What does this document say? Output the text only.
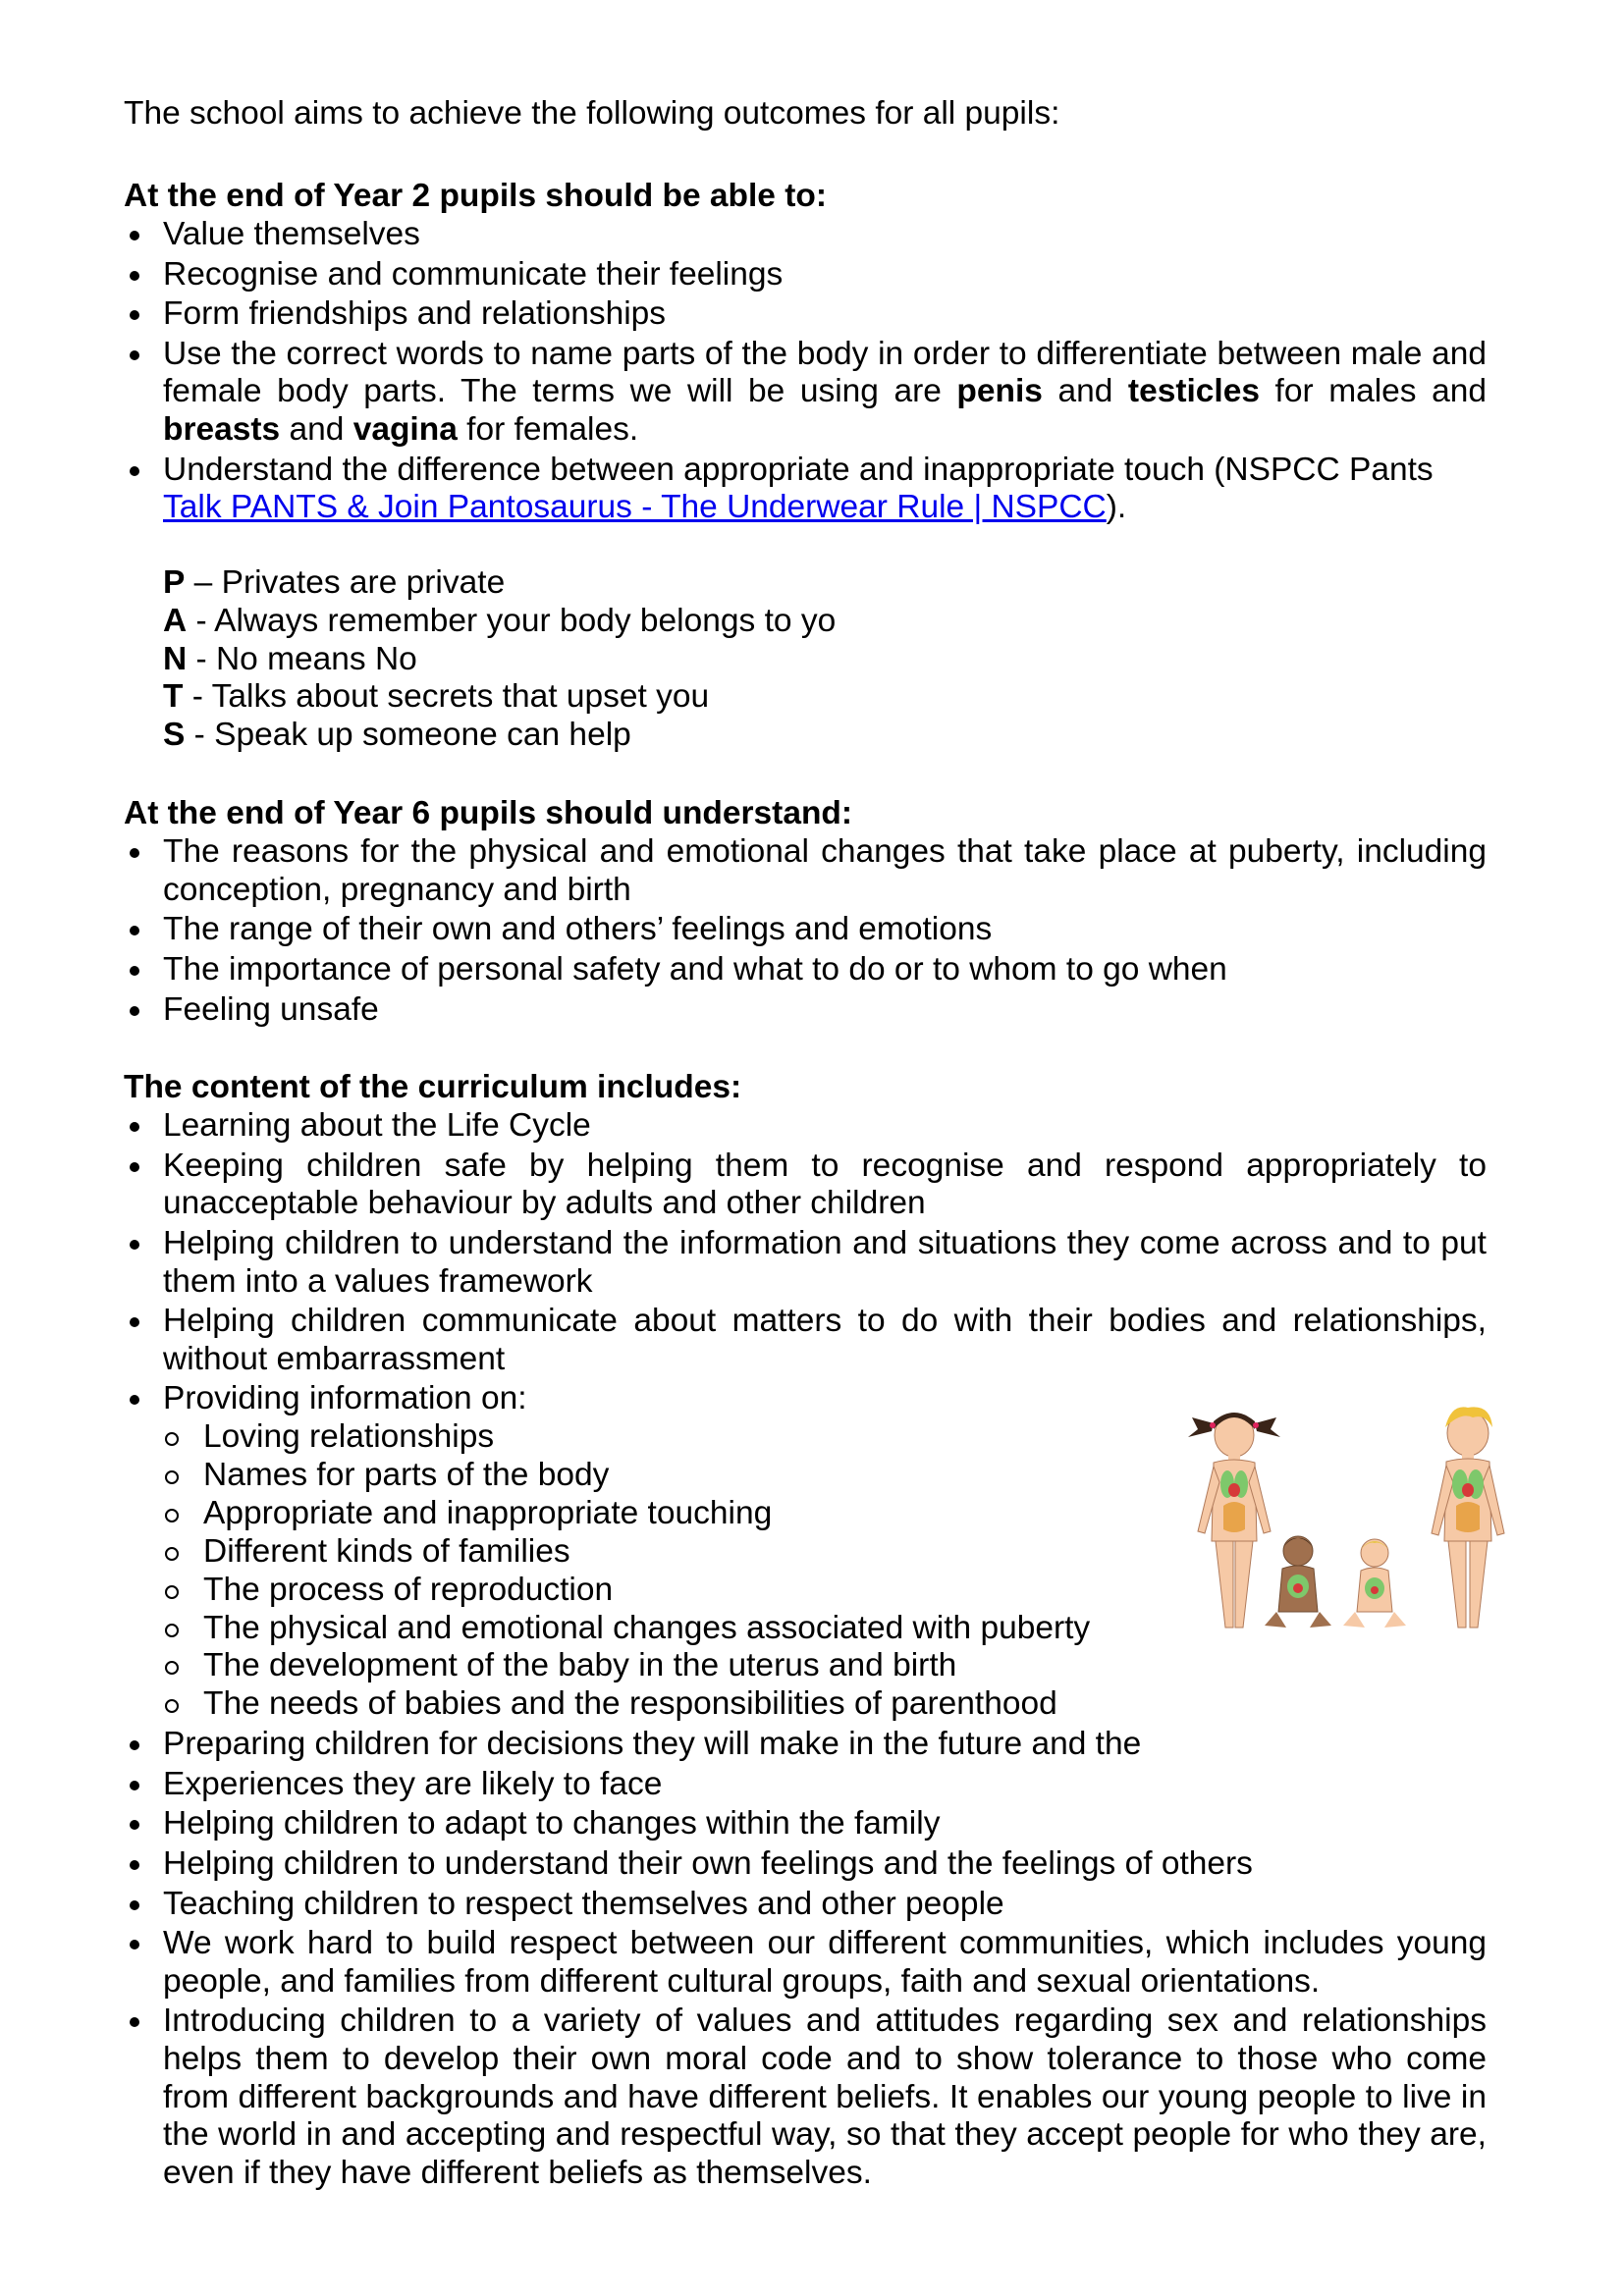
The school aims to achieve the following outcomes for all pupils:

At the end of Year 2 pupils should be able to:

Value themselves
Recognise and communicate their feelings
Form friendships and relationships
Use the correct words to name parts of the body in order to differentiate between male and female body parts. The terms we will be using are penis and testicles for males and breasts and vagina for females.
Understand the difference between appropriate and inappropriate touch (NSPCC Pants Talk PANTS & Join Pantosaurus - The Underwear Rule | NSPCC).
P – Privates are private
A - Always remember your body belongs to yo
N - No means No
T - Talks about secrets that upset you
S - Speak up someone can help

At the end of Year 6 pupils should understand:

The reasons for the physical and emotional changes that take place at puberty, including conception, pregnancy and birth
The range of their own and others’ feelings and emotions
The importance of personal safety and what to do or to whom to go when
Feeling unsafe

The content of the curriculum includes:

Learning about the Life Cycle
Keeping children safe by helping them to recognise and respond appropriately to unacceptable behaviour by adults and other children
Helping children to understand the information and situations they come across and to put them into a values framework
Helping children communicate about matters to do with their bodies and relationships, without embarrassment
Providing information on:
Loving relationships
Names for parts of the body
Appropriate and inappropriate touching
Different kinds of families
The process of reproduction
The physical and emotional changes associated with puberty
The development of the baby in the uterus and birth
The needs of babies and the responsibilities of parenthood
Preparing children for decisions they will make in the future and the
Experiences they are likely to face
Helping children to adapt to changes within the family
Helping children to understand their own feelings and the feelings of others
Teaching children to respect themselves and other people
We work hard to build respect between our different communities, which includes young people, and families from different cultural groups, faith and sexual orientations.
Introducing children to a variety of values and attitudes regarding sex and relationships helps them to develop their own moral code and to show tolerance to those who come from different backgrounds and have different beliefs. It enables our young people to live in the world in and accepting and respectful way, so that they accept people for who they are, even if they have different beliefs as themselves.
